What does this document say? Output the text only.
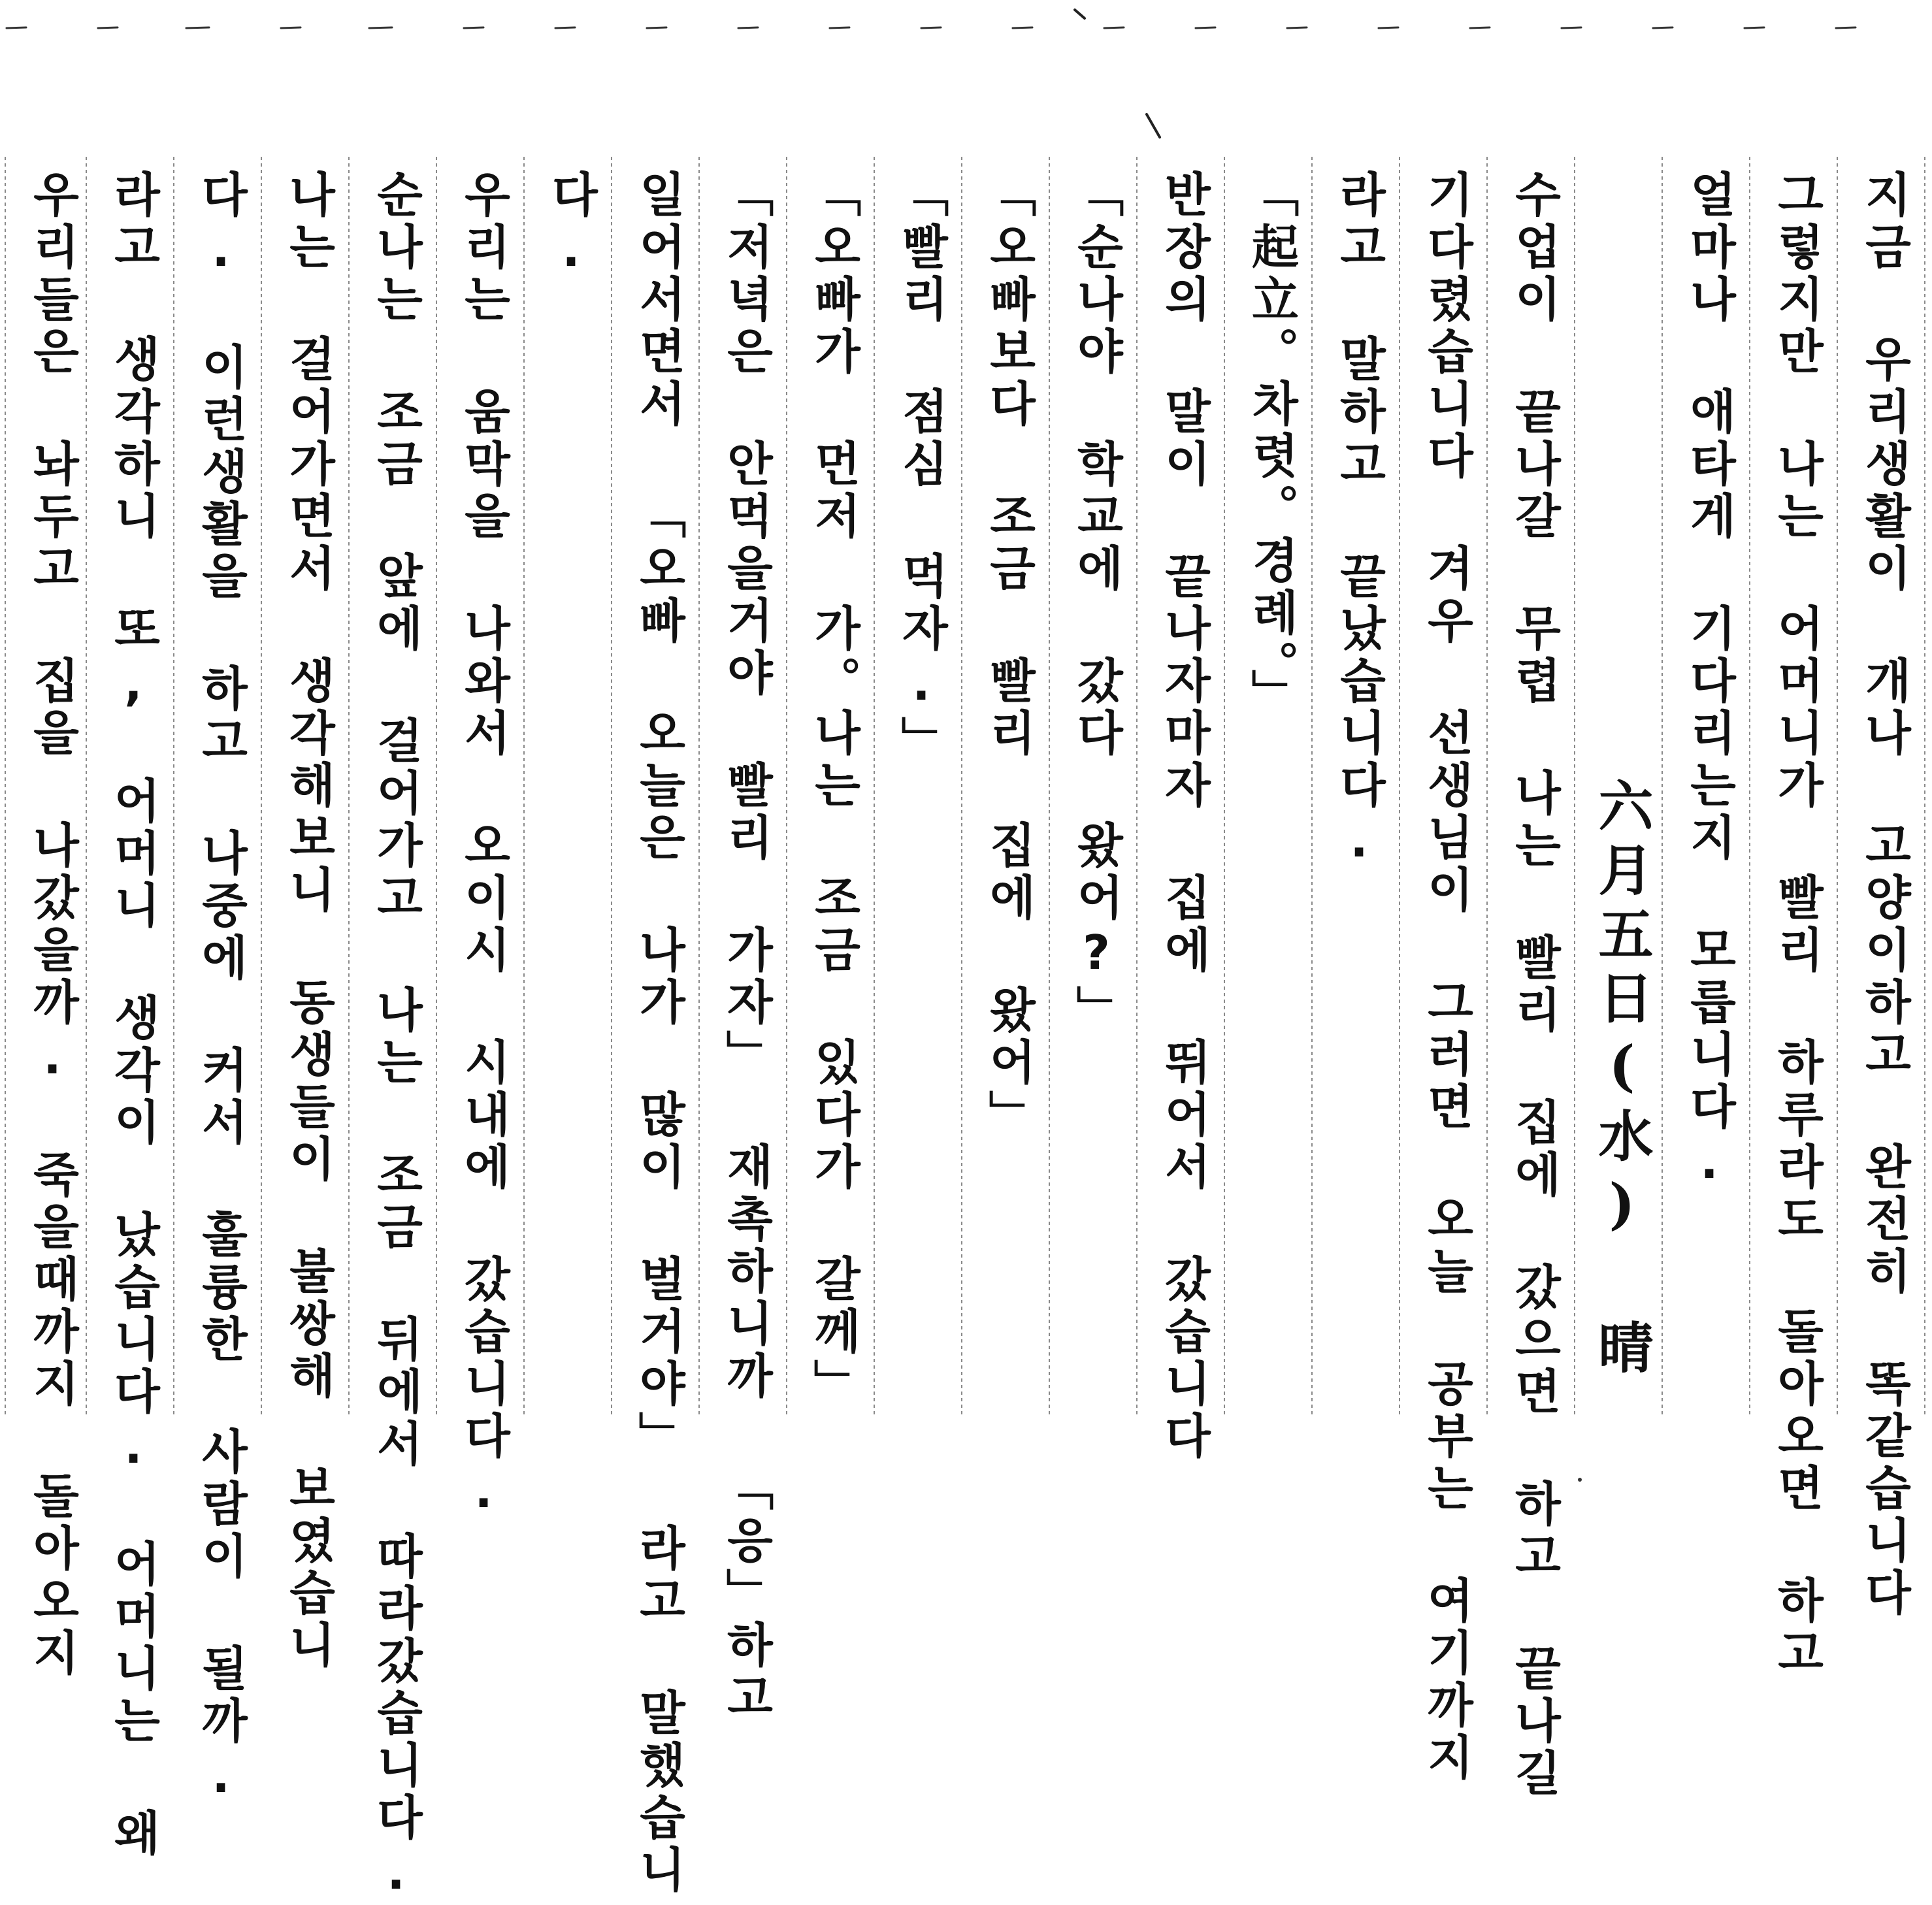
지금 우리생활이 개나 고양이하고 완전히 똑같습니다
그렇지만 나는 어머니가 빨리 하루라도 돌아오면 하고
얼마나 애타게 기다리는지 모릅니다.
六月五日(水) 晴
수업이 끝나갈 무렵 나는 빨리 집에 갔으면 하고 끝나길
기다렸습니다 겨우 선생님이 그러면 오늘 공부는 여기까지
라고 말하고 끝났습니다.
「起立。차렷。경례。」
반장의 말이 끝나자마자 집에 뛰어서 갔습니다
「순나야 학교에 갔다 왔어?」
「오빠보다 조금 빨리 집에 왔어」
「빨리 점심 먹자.」
「오빠가 먼저 가。나는 조금 있다가 갈께」
「저녁은 안먹을거야 빨리 가자」 재촉하니까 「응」하고
일어서면서 「오빠 오늘은 나가 많이 벌거야」 라고 말했습니
다.
우리는 움막을 나와서 오이시 시내에 갔습니다.
순나는 조금 앞에 걸어가고 나는 조금 뒤에서 따라갔습니다.
나는 걸어가면서 생각해보니 동생들이 불쌍해 보였습니
다. 이런생활을 하고 나중에 커서 훌륭한 사람이 될까.
라고 생각하니 또, 어머니 생각이 났습니다. 어머니는 왜
우리들은 놔두고 집을 나갔을까. 죽을때까지 돌아오지
